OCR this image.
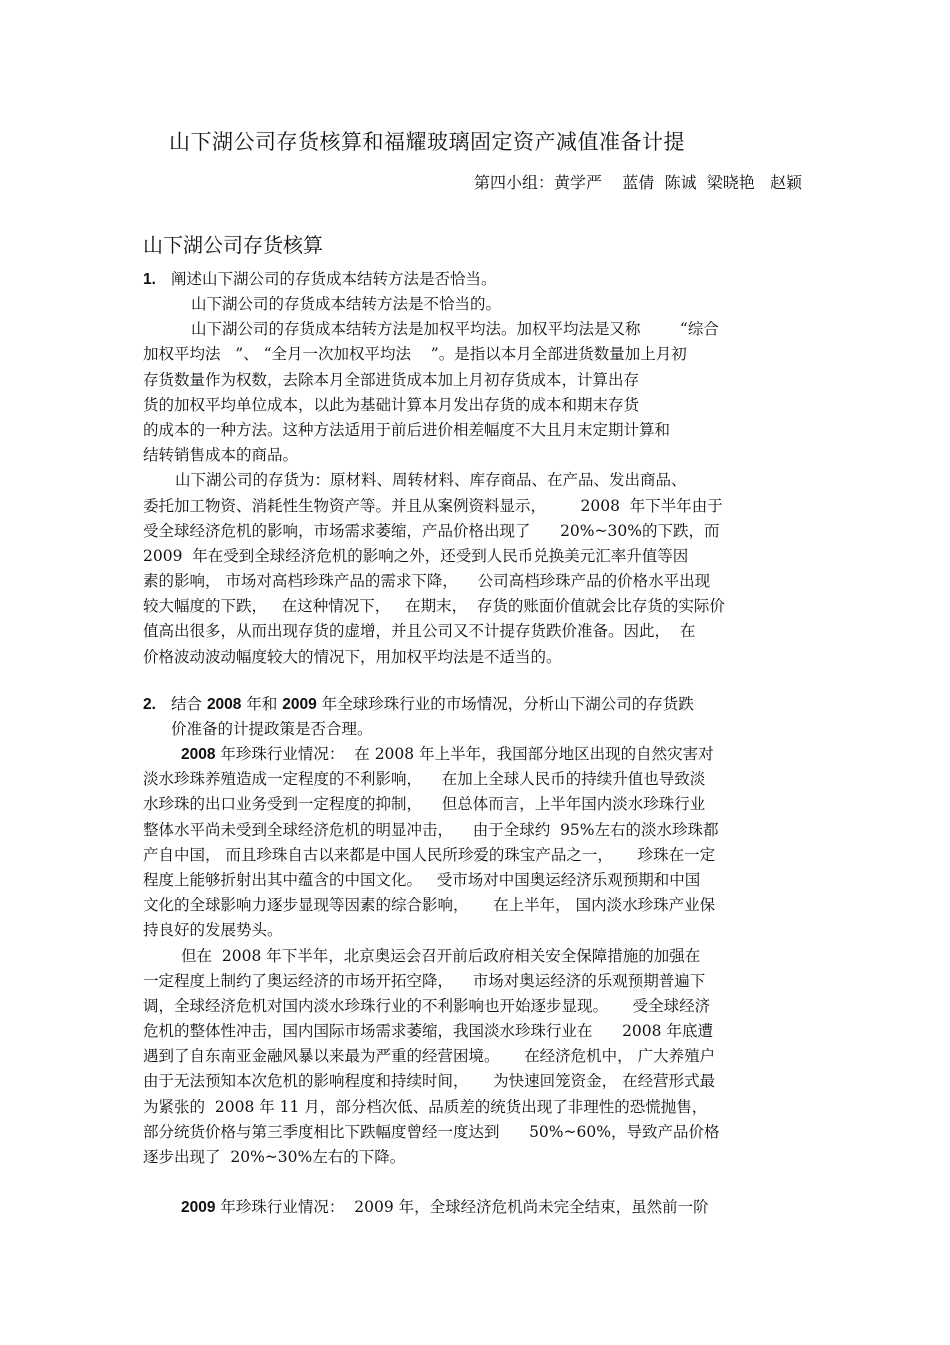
山下湖公司存货核算和福耀玻璃固定资产减值准备计提
第四小组：黄学严    蓝倩  陈诚  梁晓艳   赵颖
山下湖公司存货核算
1. 阐述山下湖公司的存货成本结转方法是否恰当。
山下湖公司的存货成本结转方法是不恰当的。
山下湖公司的存货成本结转方法是加权平均法。加权平均法是又称        “综合
加权平均法   ”、 “全月一次加权平均法    ”。是指以本月全部进货数量加上月初
存货数量作为权数，去除本月全部进货成本加上月初存货成本，计算出存
货的加权平均单位成本，以此为基础计算本月发出存货的成本和期末存货
的成本的一种方法。这种方法适用于前后进价相差幅度不大且月末定期计算和
结转销售成本的商品。
山下湖公司的存货为：原材料、周转材料、库存商品、在产品、发出商品、
委托加工物资、消耗性生物资产等。并且从案例资料显示，       2008  年下半年由于
受全球经济危机的影响，市场需求萎缩，产品价格出现了      20%~30%的下跌，而
2009  年在受到全球经济危机的影响之外，还受到人民币兑换美元汇率升值等因
素的影响， 市场对高档珍珠产品的需求下降，    公司高档珍珠产品的价格水平出现
较大幅度的下跌，   在这种情况下，   在期末，  存货的账面价值就会比存货的实际价
值高出很多，从而出现存货的虚增，并且公司又不计提存货跌价准备。因此，  在
价格波动波动幅度较大的情况下，用加权平均法是不适当的。
2. 结合 2008 年和 2009 年全球珍珠行业的市场情况，分析山下湖公司的存货跌
价准备的计提政策是否合理。
2008 年珍珠行业情况：  在 2008 年上半年，我国部分地区出现的自然灾害对
淡水珍珠养殖造成一定程度的不利影响，    在加上全球人民币的持续升值也导致淡
水珍珠的出口业务受到一定程度的抑制，    但总体而言，上半年国内淡水珍珠行业
整体水平尚未受到全球经济危机的明显冲击，    由于全球约  95%左右的淡水珍珠都
产自中国， 而且珍珠自古以来都是中国人民所珍爱的珠宝产品之一，     珍珠在一定
程度上能够折射出其中蕴含的中国文化。   受市场对中国奥运经济乐观预期和中国
文化的全球影响力逐步显现等因素的综合影响，     在上半年， 国内淡水珍珠产业保
持良好的发展势头。
但在  2008 年下半年，北京奥运会召开前后政府相关安全保障措施的加强在
一定程度上制约了奥运经济的市场开拓空降，    市场对奥运经济的乐观预期普遍下
调，全球经济危机对国内淡水珍珠行业的不利影响也开始逐步显现。     受全球经济
危机的整体性冲击，国内国际市场需求萎缩，我国淡水珍珠行业在      2008 年底遭
遇到了自东南亚金融风暴以来最为严重的经营困境。     在经济危机中， 广大养殖户
由于无法预知本次危机的影响程度和持续时间，     为快速回笼资金， 在经营形式最
为紧张的  2008 年 11 月，部分档次低、品质差的统货出现了非理性的恐慌抛售，
部分统货价格与第三季度相比下跌幅度曾经一度达到      50%~60%，导致产品价格
逐步出现了  20%~30%左右的下降。
2009 年珍珠行业情况：  2009 年，全球经济危机尚未完全结束，虽然前一阶
